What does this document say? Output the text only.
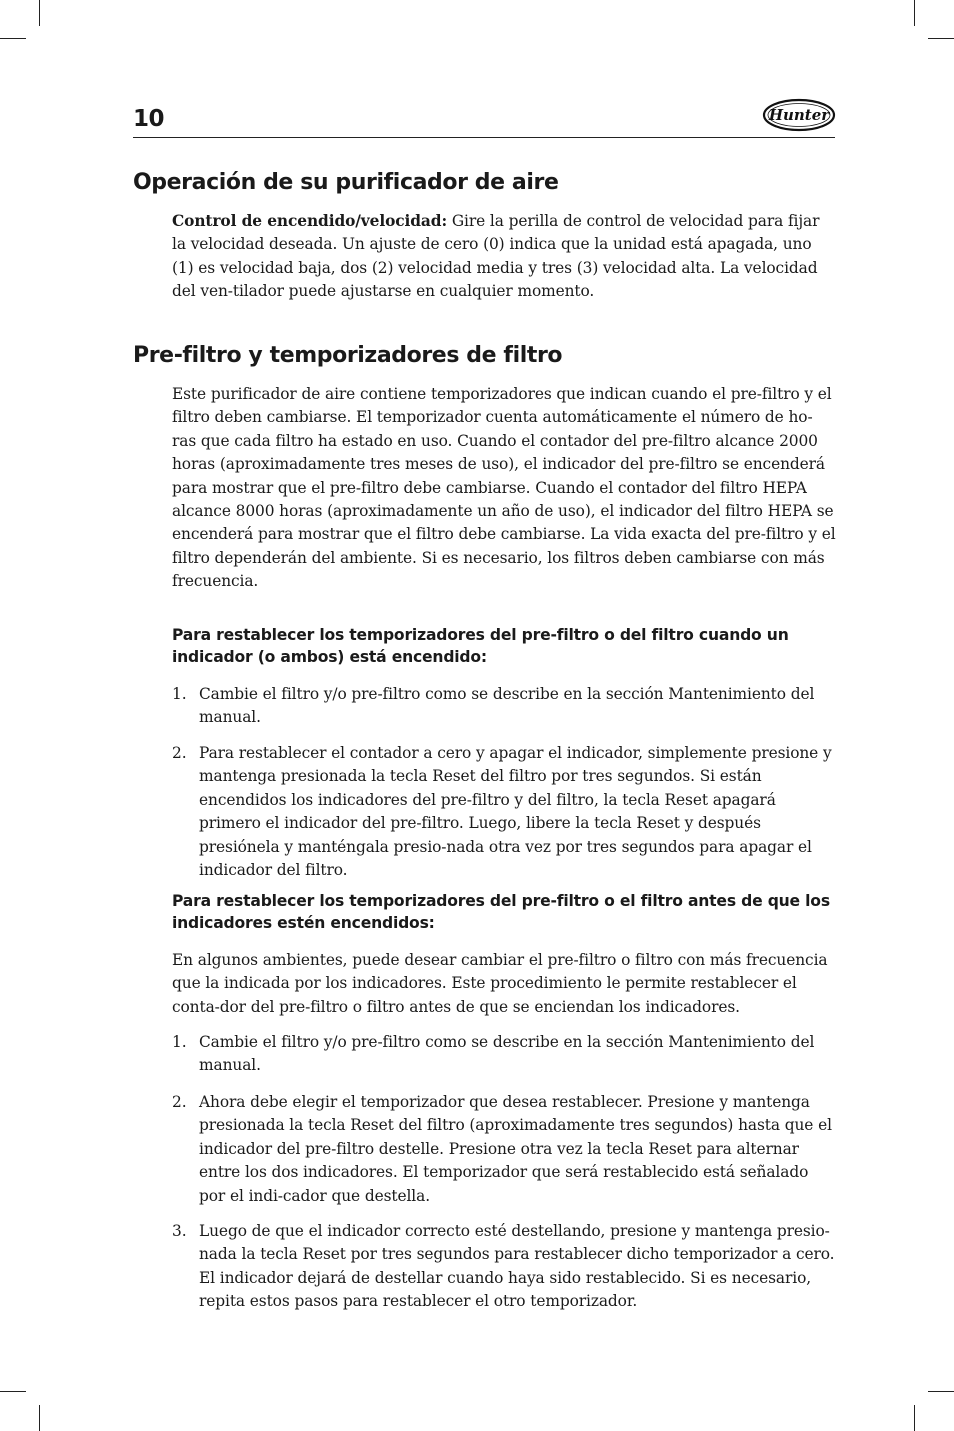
10	Hunter
Operación de su purificador de aire

Control de encendido/velocidad: Gire la perilla de control de velocidad para fijar la velocidad deseada. Un ajuste de cero (0) indica que la unidad está apagada, uno (1) es velocidad baja, dos (2) velocidad media y tres (3) velocidad alta. La velocidad del ven-tilador puede ajustarse en cualquier momento.

Pre-filtro y temporizadores de filtro

Este purificador de aire contiene temporizadores que indican cuando el pre-filtro y el filtro deben cambiarse. El temporizador cuenta automáticamente el número de ho-ras que cada filtro ha estado en uso. Cuando el contador del pre-filtro alcance 2000 horas (aproximadamente tres meses de uso), el indicador del pre-filtro se encenderá para mostrar que el pre-filtro debe cambiarse. Cuando el contador del filtro HEPA alcance 8000 horas (aproximadamente un año de uso), el indicador del filtro HEPA se encenderá para mostrar que el filtro debe cambiarse. La vida exacta del pre-filtro y el filtro dependerán del ambiente. Si es necesario, los filtros deben cambiarse con más frecuencia.

Para restablecer los temporizadores del pre-filtro o del filtro cuando un indicador (o ambos) está encendido:

1. Cambie el filtro y/o pre-filtro como se describe en la sección Mantenimiento del manual.
2. Para restablecer el contador a cero y apagar el indicador, simplemente presione y mantenga presionada la tecla Reset del filtro por tres segundos. Si están encendidos los indicadores del pre-filtro y del filtro, la tecla Reset apagará primero el indicador del pre-filtro. Luego, libere la tecla Reset y después presiónela y manténgala presio-nada otra vez por tres segundos para apagar el indicador del filtro.

Para restablecer los temporizadores del pre-filtro o el filtro antes de que los indicadores estén encendidos:

En algunos ambientes, puede desear cambiar el pre-filtro o filtro con más frecuencia que la indicada por los indicadores. Este procedimiento le permite restablecer el conta-dor del pre-filtro o filtro antes de que se enciendan los indicadores.

1. Cambie el filtro y/o pre-filtro como se describe en la sección Mantenimiento del manual.
2. Ahora debe elegir el temporizador que desea restablecer. Presione y mantenga presionada la tecla Reset del filtro (aproximadamente tres segundos) hasta que el indicador del pre-filtro destelle. Presione otra vez la tecla Reset para alternar entre los dos indicadores. El temporizador que será restablecido está señalado por el indi-cador que destella.
3. Luego de que el indicador correcto esté destellando, presione y mantenga presio-nada la tecla Reset por tres segundos para restablecer dicho temporizador a cero. El indicador dejará de destellar cuando haya sido restablecido. Si es necesario, repita estos pasos para restablecer el otro temporizador.
